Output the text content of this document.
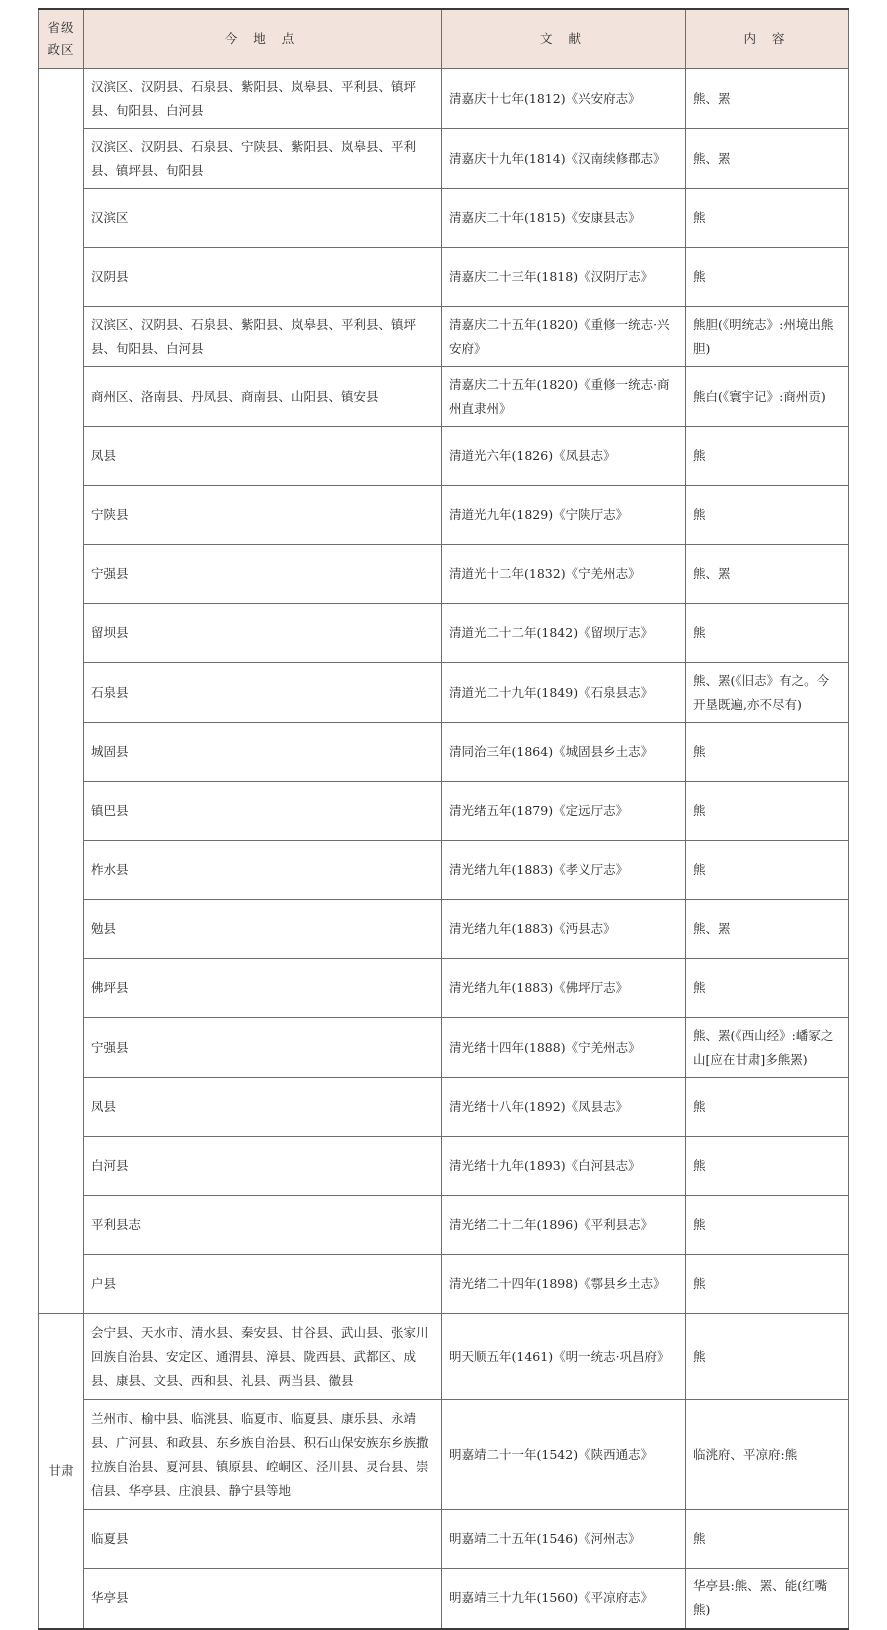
省级政区	今 地 点	文 献	内 容
	汉滨区、汉阴县、石泉县、紫阳县、岚皋县、平利县、镇坪县、旬阳县、白河县	清嘉庆十七年(1812)《兴安府志》	熊、罴
	汉滨区、汉阴县、石泉县、宁陕县、紫阳县、岚皋县、平利县、镇坪县、旬阳县	清嘉庆十九年(1814)《汉南续修郡志》	熊、罴
	汉滨区	清嘉庆二十年(1815)《安康县志》	熊
	汉阴县	清嘉庆二十三年(1818)《汉阴厅志》	熊
	汉滨区、汉阴县、石泉县、紫阳县、岚皋县、平利县、镇坪县、旬阳县、白河县	清嘉庆二十五年(1820)《重修一统志·兴安府》	熊胆(《明统志》:州境出熊胆)
	商州区、洛南县、丹凤县、商南县、山阳县、镇安县	清嘉庆二十五年(1820)《重修一统志·商州直隶州》	熊白(《寰宇记》:商州贡)
	凤县	清道光六年(1826)《凤县志》	熊
	宁陕县	清道光九年(1829)《宁陕厅志》	熊
	宁强县	清道光十二年(1832)《宁羌州志》	熊、罴
	留坝县	清道光二十二年(1842)《留坝厅志》	熊
	石泉县	清道光二十九年(1849)《石泉县志》	熊、罴(《旧志》有之。今开垦既遍,亦不尽有)
	城固县	清同治三年(1864)《城固县乡土志》	熊
	镇巴县	清光绪五年(1879)《定远厅志》	熊
	柞水县	清光绪九年(1883)《孝义厅志》	熊
	勉县	清光绪九年(1883)《沔县志》	熊、罴
	佛坪县	清光绪九年(1883)《佛坪厅志》	熊
	宁强县	清光绪十四年(1888)《宁羌州志》	熊、罴(《西山经》:嶓冢之山[应在甘肃]多熊罴)
	凤县	清光绪十八年(1892)《凤县志》	熊
	白河县	清光绪十九年(1893)《白河县志》	熊
	平利县志	清光绪二十二年(1896)《平利县志》	熊
	户县	清光绪二十四年(1898)《鄠县乡土志》	熊
甘肃	会宁县、天水市、清水县、秦安县、甘谷县、武山县、张家川回族自治县、安定区、通渭县、漳县、陇西县、武都区、成县、康县、文县、西和县、礼县、两当县、徽县	明天顺五年(1461)《明一统志·巩昌府》	熊
	兰州市、榆中县、临洮县、临夏市、临夏县、康乐县、永靖县、广河县、和政县、东乡族自治县、积石山保安族东乡族撒拉族自治县、夏河县、镇原县、崆峒区、泾川县、灵台县、崇信县、华亭县、庄浪县、静宁县等地	明嘉靖二十一年(1542)《陕西通志》	临洮府、平凉府:熊
	临夏县	明嘉靖二十五年(1546)《河州志》	熊
	华亭县	明嘉靖三十九年(1560)《平凉府志》	华亭县:熊、罴、能(红嘴熊)
